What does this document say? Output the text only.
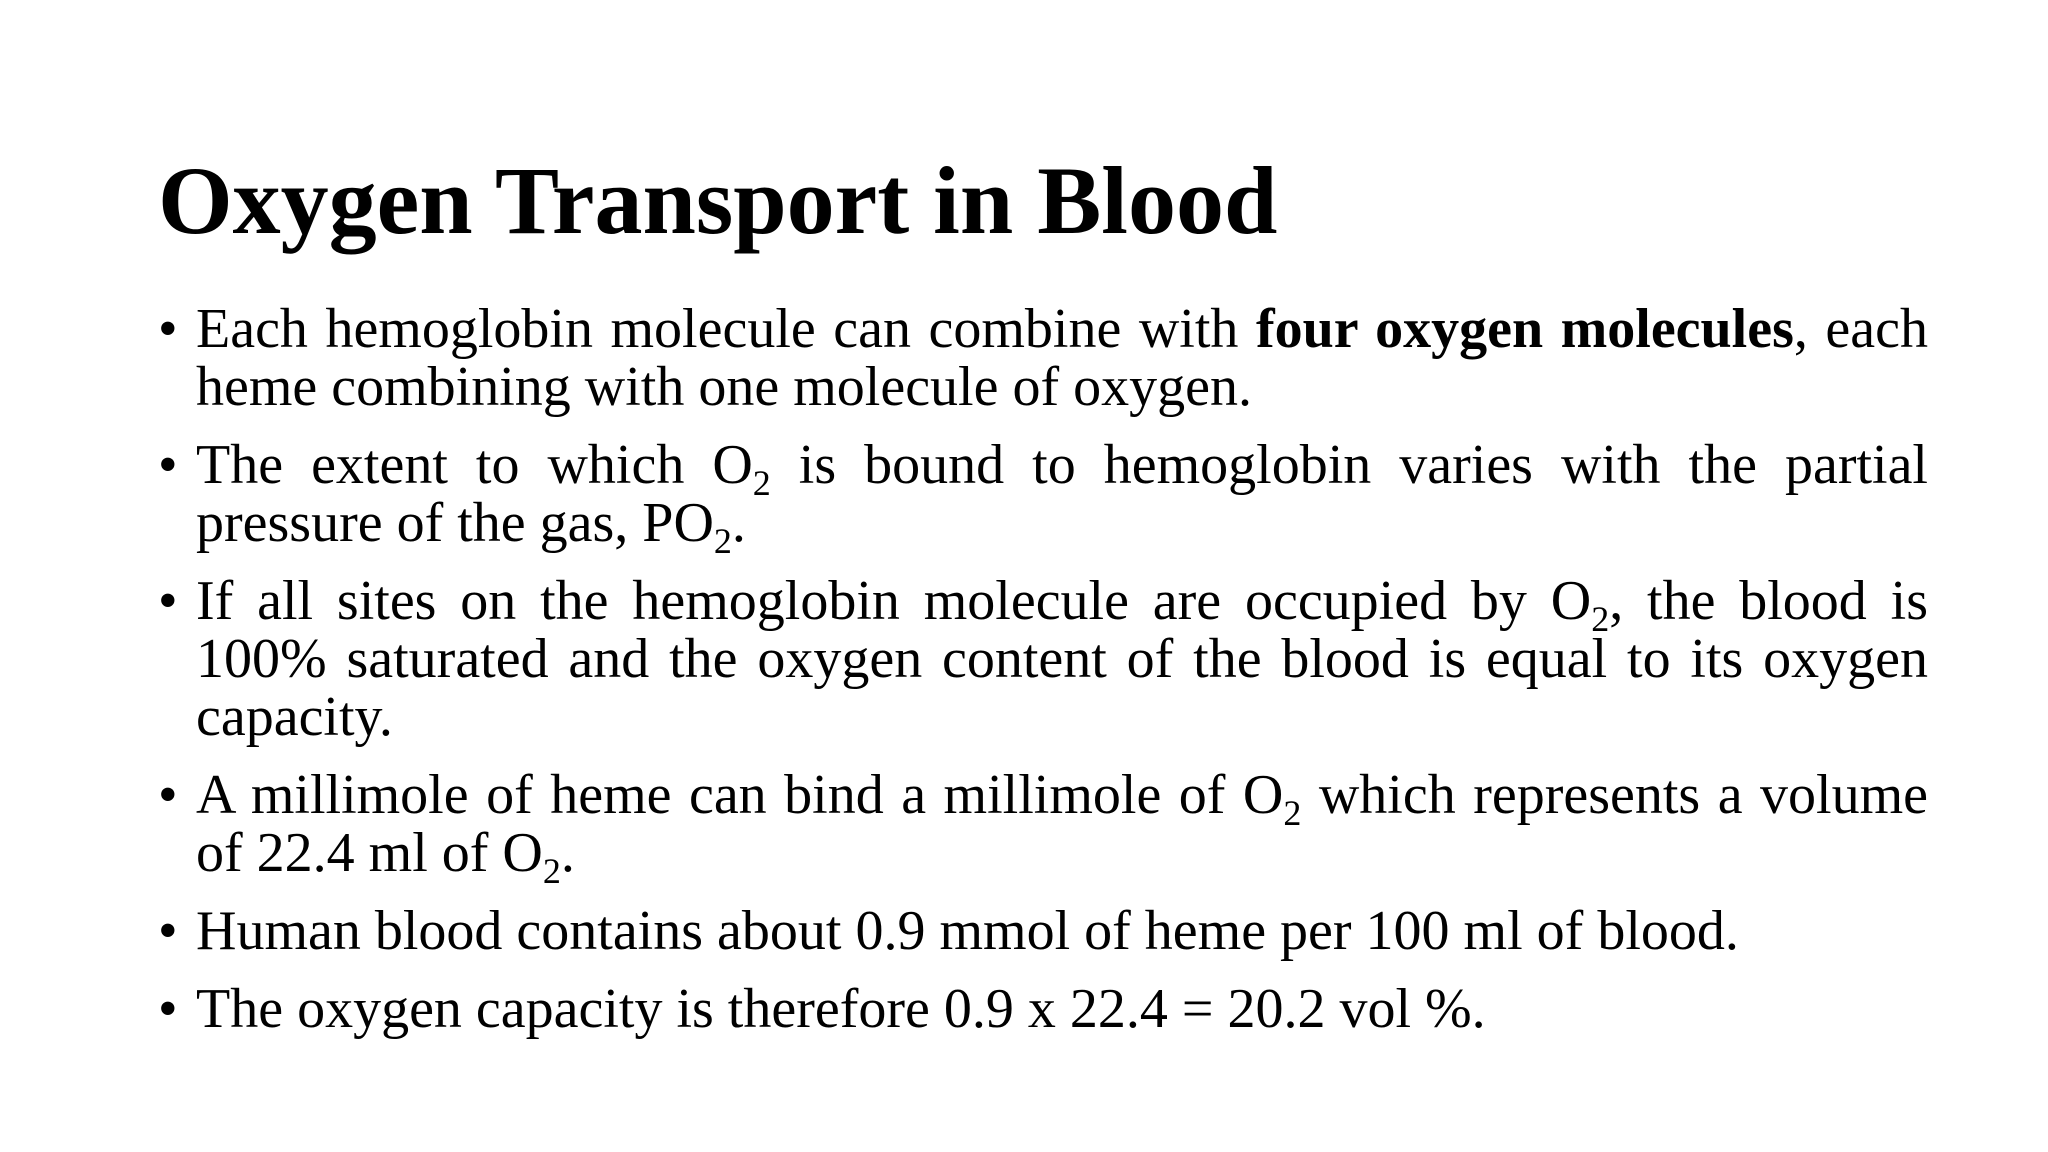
Oxygen Transport in Blood
• Each hemoglobin molecule can combine with four oxygen molecules, each heme combining with one molecule of oxygen.
• The extent to which $O_2$ is bound to hemoglobin varies with the partial pressure of the gas, $PO_2$.
• If all sites on the hemoglobin molecule are occupied by $O_2$, the blood is 100% saturated and the oxygen content of the blood is equal to its oxygen capacity.
• A millimole of heme can bind a millimole of $O_2$ which represents a volume of 22.4 ml of $O_2$.
• Human blood contains about 0.9 mmol of heme per 100 ml of blood.
• The oxygen capacity is therefore 0.9 x 22.4 = 20.2 vol %.
